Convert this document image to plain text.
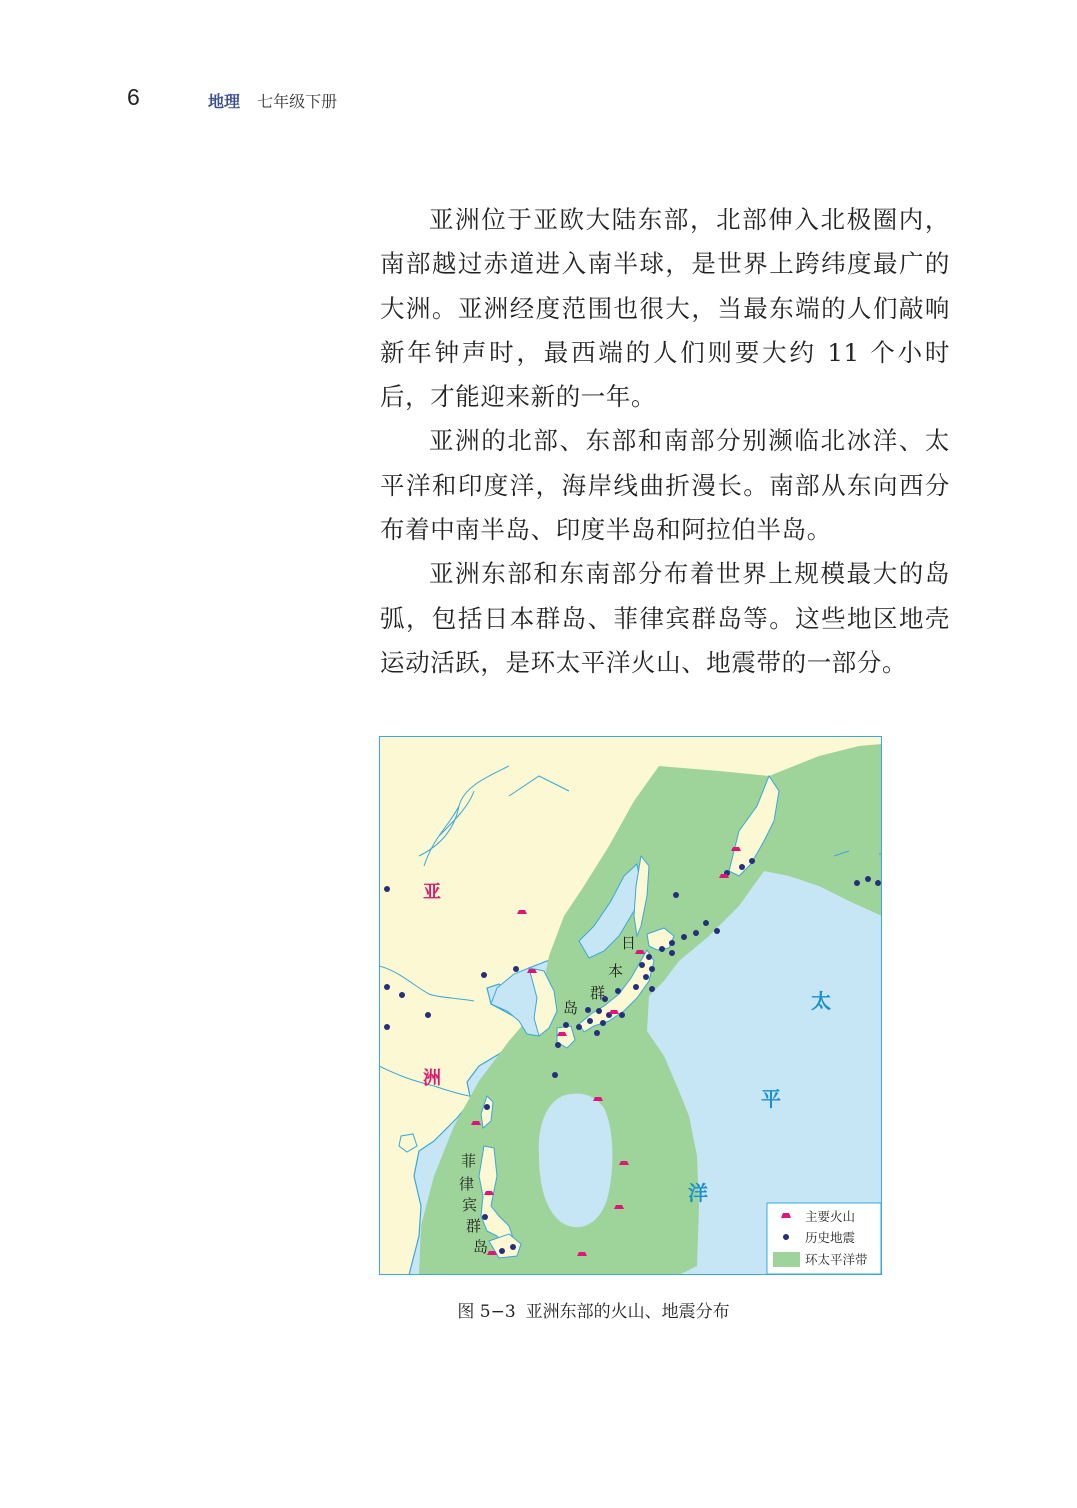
6	地理 七年级下册

亚洲位于亚欧大陆东部，北部伸入北极圈内，南部越过赤道进入南半球，是世界上跨纬度最广的大洲。亚洲经度范围也很大，当最东端的人们敲响新年钟声时，最西端的人们则要大约 11 个小时后，才能迎来新的一年。

亚洲的北部、东部和南部分别濒临北冰洋、太平洋和印度洋，海岸线曲折漫长。南部从东向西分布着中南半岛、印度半岛和阿拉伯半岛。

亚洲东部和东南部分布着世界上规模最大的岛弧，包括日本群岛、菲律宾群岛等。这些地区地壳运动活跃，是环太平洋火山、地震带的一部分。

亚
洲
太
平
洋
日
本
群
岛
菲
律
宾
群
岛
主要火山
历史地震
环太平洋带
图 5−3 亚洲东部的火山、地震分布
